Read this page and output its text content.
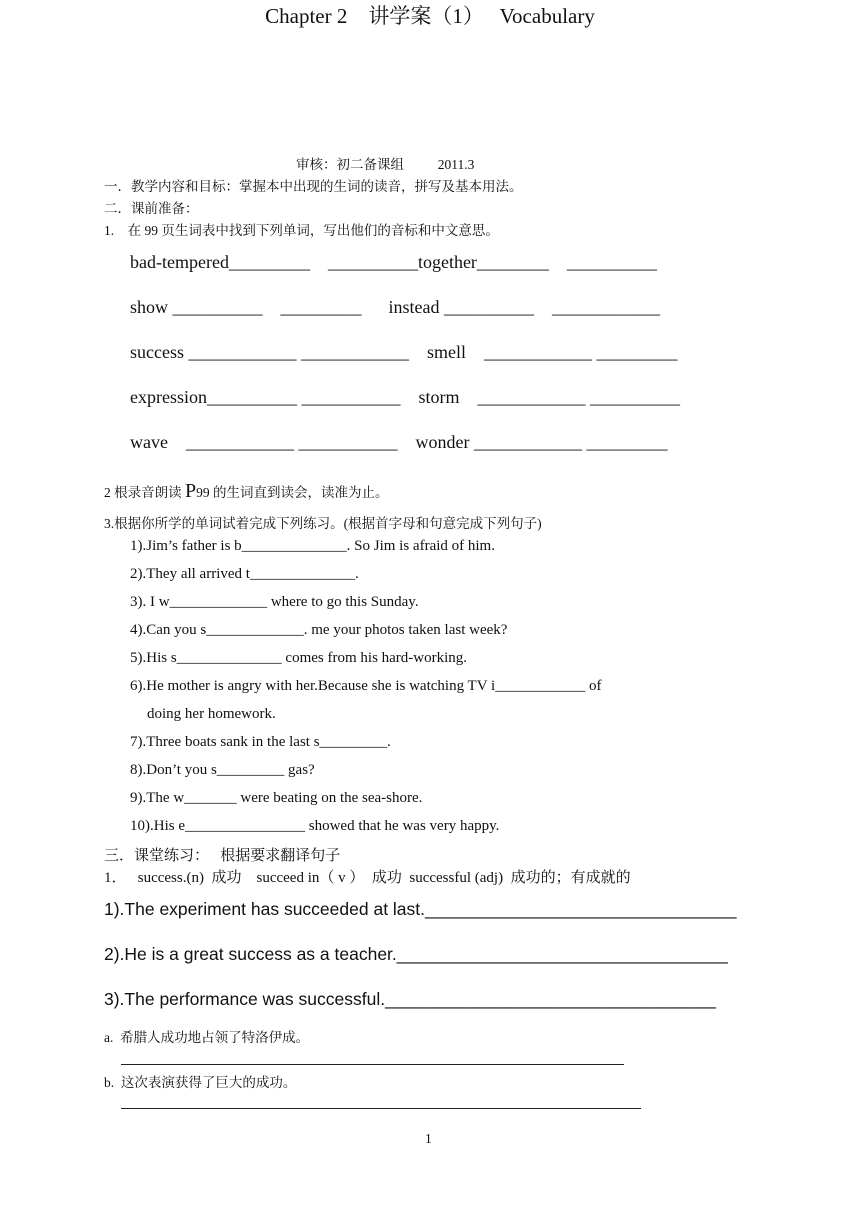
Chapter 2    讲学案（1）   Vocabulary
审核：初二备课组          2011.3
一．教学内容和目标：掌握本中出现的生词的读音，拼写及基本用法。
二．课前准备：
1.    在 99 页生词表中找到下列单词，写出他们的音标和中文意思。
bad-tempered_________    __________together________    __________
show __________    _________      instead __________    ____________
success ____________ ____________    smell    ____________ _________
expression__________ ___________    storm    ____________ __________
wave    ____________ ___________    wonder ____________ _________
2 根录音朗读 P99 的生词直到读会，读准为止。
3.根据你所学的单词试着完成下列练习。(根据首字母和句意完成下列句子)
1).Jim’s father is b______________. So Jim is afraid of him.
2).They all arrived t______________.
3). I w_____________ where to go this Sunday.
4).Can you s_____________. me your photos taken last week?
5).His s______________ comes from his hard-working.
6).He mother is angry with her.Because she is watching TV i____________ of
doing her homework.
7).Three boats sank in the last s_________.
8).Don’t you s_________ gas?
9).The w_______ were beating on the sea-shore.
10).His e________________ showed that he was very happy.
三．课堂练习：   根据要求翻译句子
1．   success.(n)  成功    succeed in（ v ）  成功  successful (adj)  成功的；有成就的
1).The experiment has succeeded at last.________________________________
2).He is a great success as a teacher.__________________________________
3).The performance was successful.__________________________________
a.  希腊人成功地占领了特洛伊成。
b.  这次表演获得了巨大的成功。
1
